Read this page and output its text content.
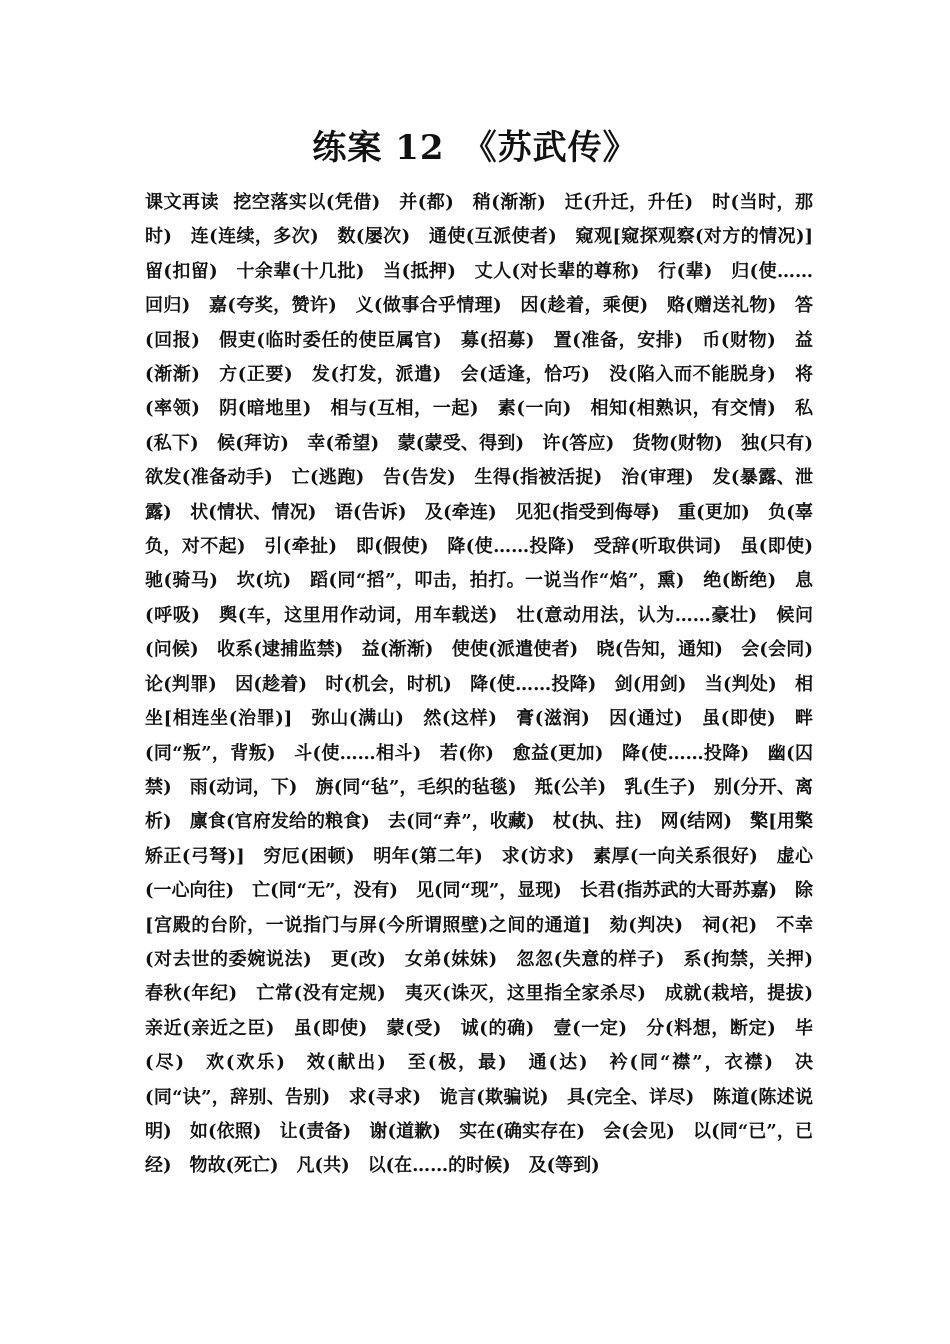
练案 12　《苏武传》
课文再读 挖空落实以(凭借)　并(都)　稍(渐渐)　迁(升迁，升任)　时(当时，那时)　连(连续，多次)　数(屡次)　通使(互派使者)　窥观[窥探观察(对方的情况)]　留(扣留)　十余辈(十几批)　当(抵押)　丈人(对长辈的尊称)　行(辈)　归(使……回归)　嘉(夸奖，赞许)　义(做事合乎情理)　因(趁着，乘便)　赂(赠送礼物)　答(回报)　假吏(临时委任的使臣属官)　募(招募)　置(准备，安排)　币(财物)　益(渐渐)　方(正要)　发(打发，派遣)　会(适逢，恰巧)　没(陷入而不能脱身)　将(率领)　阴(暗地里)　相与(互相，一起)　素(一向)　相知(相熟识，有交情)　私(私下)　候(拜访)　幸(希望)　蒙(蒙受、得到)　许(答应)　货物(财物)　独(只有)　欲发(准备动手)　亡(逃跑)　告(告发)　生得(指被活捉)　治(审理)　发(暴露、泄露)　状(情状、情况)　语(告诉)　及(牵连)　见犯(指受到侮辱)　重(更加)　负(辜负，对不起)　引(牵扯)　即(假使)　降(使……投降)　受辞(听取供词)　虽(即使)　驰(骑马)　坎(坑)　蹈(同“搯”，叩击，拍打。一说当作“焰”，熏)　绝(断绝)　息(呼吸)　舆(车，这里用作动词，用车载送)　壮(意动用法，认为……豪壮)　候问(问候)　收系(逮捕监禁)　益(渐渐)　使使(派遣使者)　晓(告知，通知)　会(会同)　论(判罪)　因(趁着)　时(机会，时机)　降(使……投降)　剑(用剑)　当(判处)　相坐[相连坐(治罪)]　弥山(满山)　然(这样)　膏(滋润)　因(通过)　虽(即使)　畔(同“叛”，背叛)　斗(使……相斗)　若(你)　愈益(更加)　降(使……投降)　幽(囚禁)　雨(动词，下)　旃(同“毡”，毛织的毡毯)　羝(公羊)　乳(生子)　别(分开、离析)　廪食(官府发给的粮食)　去(同“弆”，收藏)　杖(执、拄)　网(结网)　檠[用檠矫正(弓弩)]　穷厄(困顿)　明年(第二年)　求(访求)　素厚(一向关系很好)　虚心(一心向往)　亡(同“无”，没有)　见(同“现”，显现)　长君(指苏武的大哥苏嘉)　除[宫殿的台阶，一说指门与屏(今所谓照壁)之间的通道]　劾(判决)　祠(祀)　不幸(对去世的委婉说法)　更(改)　女弟(妹妹)　忽忽(失意的样子)　系(拘禁，关押)　春秋(年纪)　亡常(没有定规)　夷灭(诛灭，这里指全家杀尽)　成就(栽培，提拔)　亲近(亲近之臣)　虽(即使)　蒙(受)　诚(的确)　壹(一定)　分(料想，断定)　毕(尽)　欢(欢乐)　效(献出)　至(极，最)　通(达)　衿(同“襟”，衣襟)　决(同“诀”，辞别、告别)　求(寻求)　诡言(欺骗说)　具(完全、详尽)　陈道(陈述说明)　如(依照)　让(责备)　谢(道歉)　实在(确实存在)　会(会见)　以(同“已”，已经)　物故(死亡)　凡(共)　以(在……的时候)　及(等到)
